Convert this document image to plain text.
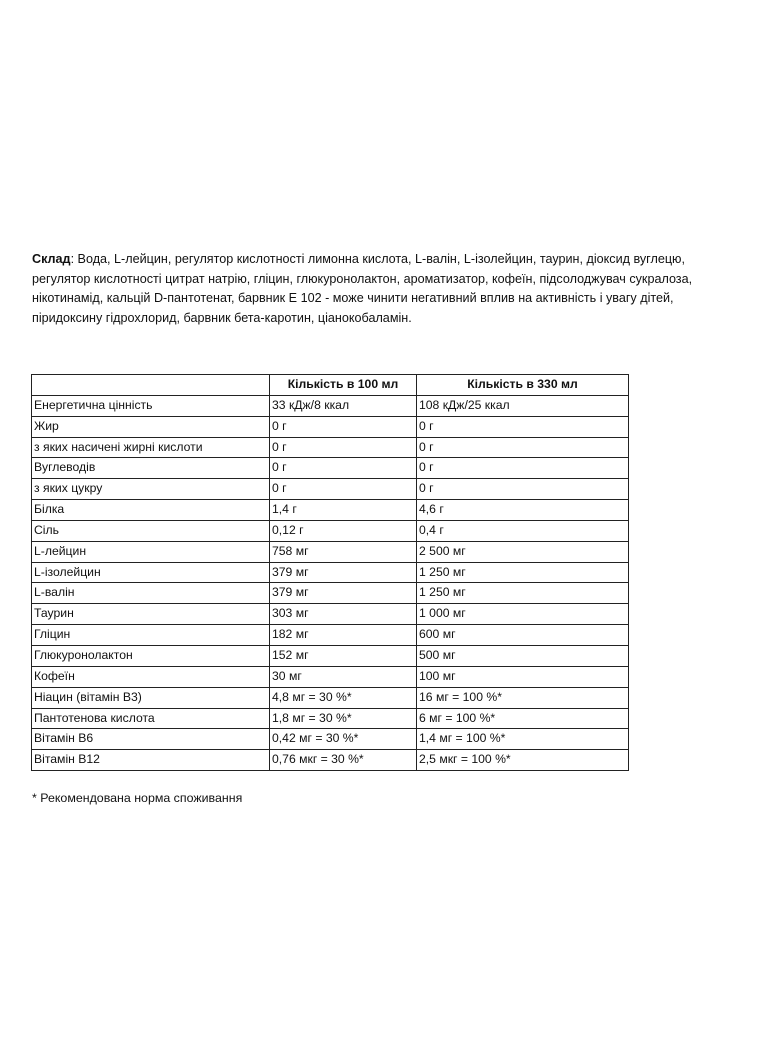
Склад: Вода, L-лейцин, регулятор кислотності лимонна кислота, L-валін, L-ізолейцин, таурин, діоксид вуглецю, регулятор кислотності цитрат натрію, гліцин, глюкуронолактон, ароматизатор, кофеїн, підсолоджувач сукралоза, нікотинамід, кальцій D-пантотенат, барвник Е 102 - може чинити негативний вплив на активність і увагу дітей, піридоксину гідрохлорид, барвник бета-каротин, ціанокобаламін.
	Кількість в 100 мл	Кількість в 330 мл
Енергетична цінність	33 кДж/8 ккал	108 кДж/25 ккал
Жир	0 г	0 г
з яких насичені жирні кислоти	0 г	0 г
Вуглеводів	0 г	0 г
з яких цукру	0 г	0 г
Білка	1,4 г	4,6 г
Сіль	0,12 г	0,4 г
L-лейцин	758 мг	2 500 мг
L-ізолейцин	379 мг	1 250 мг
L-валін	379 мг	1 250 мг
Таурин	303 мг	1 000 мг
Гліцин	182 мг	600 мг
Глюкуронолактон	152 мг	500 мг
Кофеїн	30 мг	100 мг
Ніацин (вітамін В3)	4,8 мг = 30 %*	16 мг = 100 %*
Пантотенова кислота	1,8 мг = 30 %*	6 мг = 100 %*
Вітамін В6	0,42 мг = 30 %*	1,4 мг = 100 %*
Вітамін В12	0,76 мкг = 30 %*	2,5 мкг = 100 %*
* Рекомендована норма споживання
